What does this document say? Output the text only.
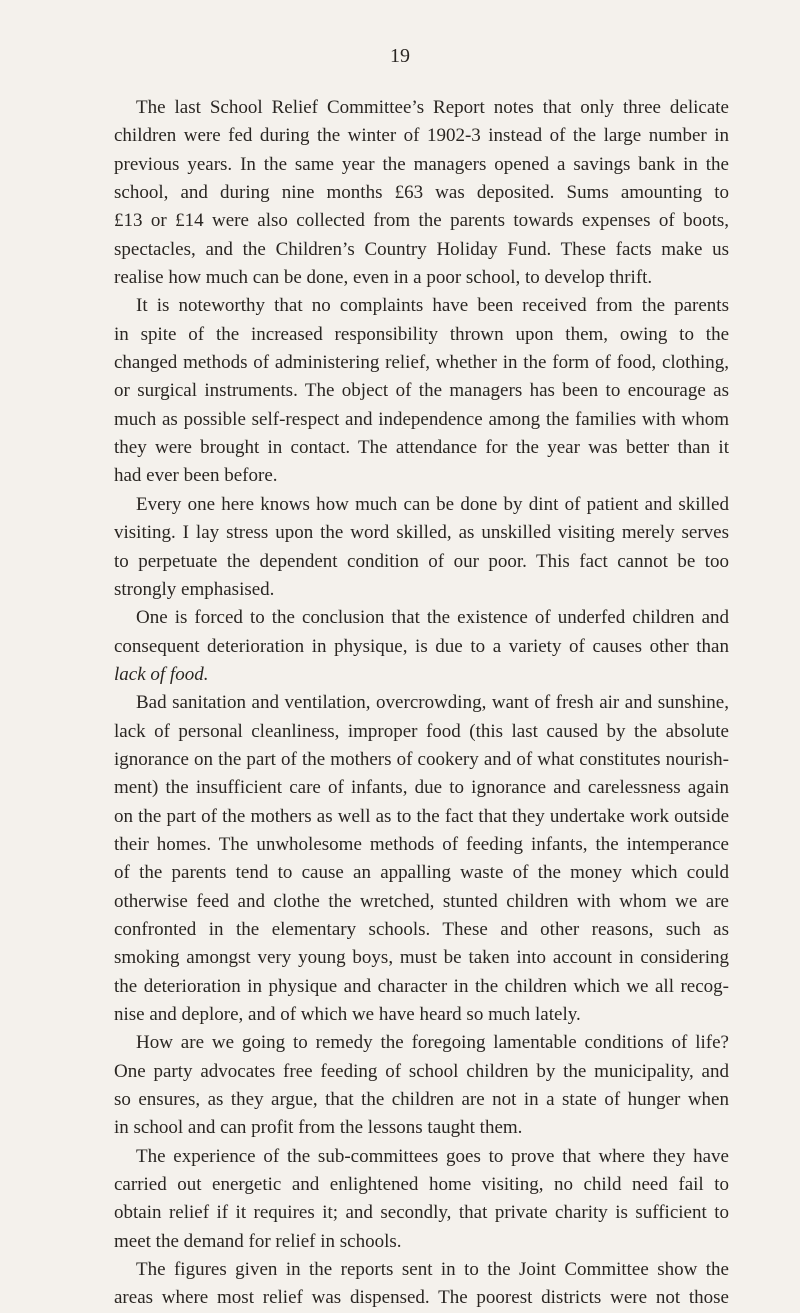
19
The last School Relief Committee’s Report notes that only three delicate
children were fed during the winter of 1902-3 instead of the large number in
previous years. In the same year the managers opened a savings bank in the
school, and during nine months £63 was deposited. Sums amounting to
£13 or £14 were also collected from the parents towards expenses of boots,
spectacles, and the Children’s Country Holiday Fund. These facts make us
realise how much can be done, even in a poor school, to develop thrift.
It is noteworthy that no complaints have been received from the parents
in spite of the increased responsibility thrown upon them, owing to the
changed methods of administering relief, whether in the form of food, clothing,
or surgical instruments. The object of the managers has been to encourage as
much as possible self-respect and independence among the families with whom
they were brought in contact. The attendance for the year was better than it
had ever been before.
Every one here knows how much can be done by dint of patient and skilled
visiting. I lay stress upon the word skilled, as unskilled visiting merely serves
to perpetuate the dependent condition of our poor. This fact cannot be too
strongly emphasised.
One is forced to the conclusion that the existence of underfed children and
consequent deterioration in physique, is due to a variety of causes other than
lack of food.
Bad sanitation and ventilation, overcrowding, want of fresh air and sunshine,
lack of personal cleanliness, improper food (this last caused by the absolute
ignorance on the part of the mothers of cookery and of what constitutes nourish-
ment) the insufficient care of infants, due to ignorance and carelessness again
on the part of the mothers as well as to the fact that they undertake work outside
their homes. The unwholesome methods of feeding infants, the intemperance
of the parents tend to cause an appalling waste of the money which could
otherwise feed and clothe the wretched, stunted children with whom we are
confronted in the elementary schools. These and other reasons, such as
smoking amongst very young boys, must be taken into account in considering
the deterioration in physique and character in the children which we all recog-
nise and deplore, and of which we have heard so much lately.
How are we going to remedy the foregoing lamentable conditions of life?
One party advocates free feeding of school children by the municipality, and
so ensures, as they argue, that the children are not in a state of hunger when
in school and can profit from the lessons taught them.
The experience of the sub-committees goes to prove that where they have
carried out energetic and enlightened home visiting, no child need fail to
obtain relief if it requires it; and secondly, that private charity is sufficient to
meet the demand for relief in schools.
The figures given in the reports sent in to the Joint Committee show the
areas where most relief was dispensed. The poorest districts were not those
